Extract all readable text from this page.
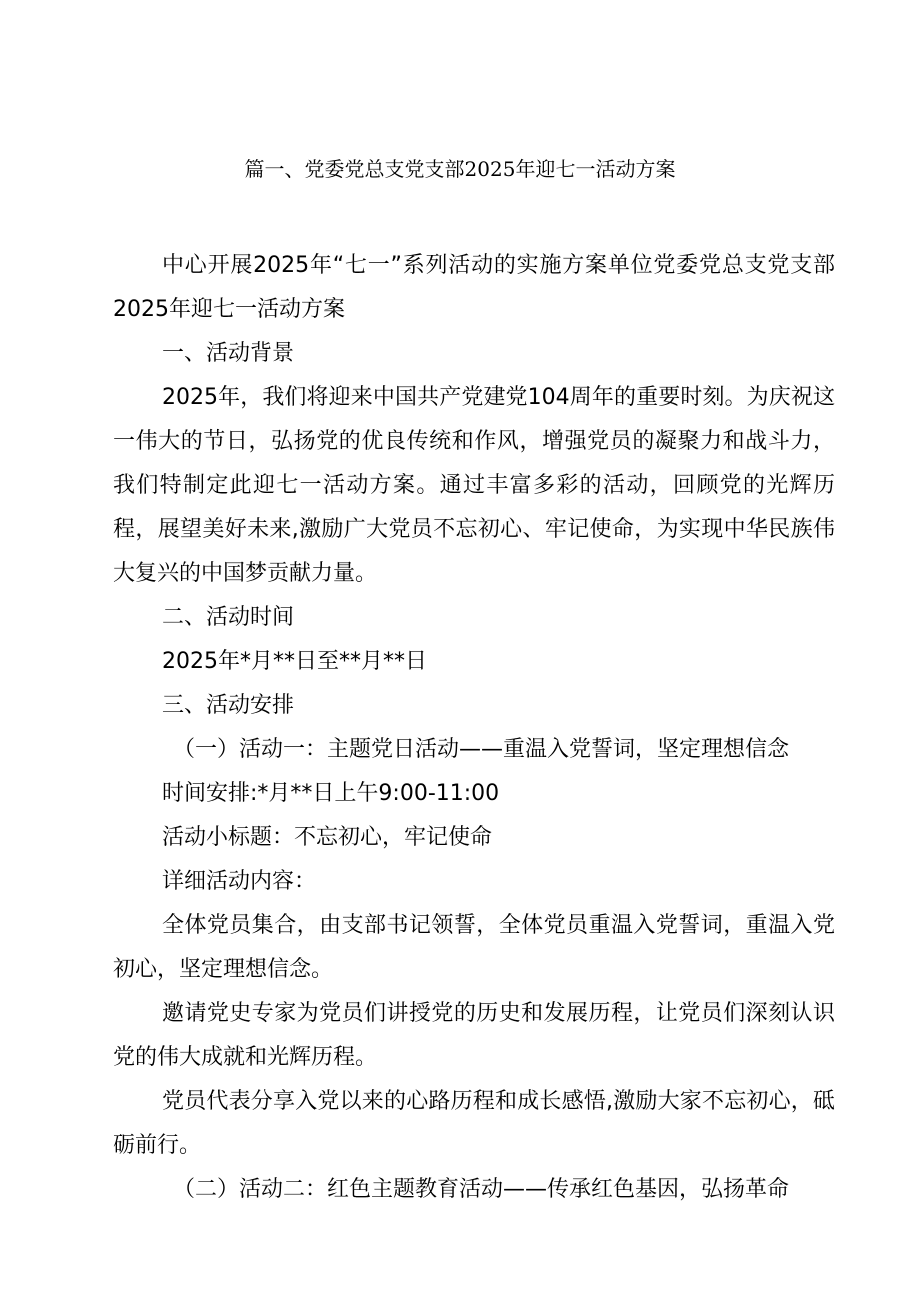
篇一、党委党总支党支部2025年迎七一活动方案

中心开展2025年“七一”系列活动的实施方案单位党委党总支党支部2025年迎七一活动方案

一、活动背景

2025年，我们将迎来中国共产党建党104周年的重要时刻。为庆祝这一伟大的节日，弘扬党的优良传统和作风，增强党员的凝聚力和战斗力，我们特制定此迎七一活动方案。通过丰富多彩的活动，回顾党的光辉历程，展望美好未来,激励广大党员不忘初心、牢记使命，为实现中华民族伟大复兴的中国梦贡献力量。

二、活动时间

2025年*月**日至**月**日

三、活动安排

（一）活动一：主题党日活动——重温入党誓词，坚定理想信念

时间安排:*月**日上午9:00-11:00

活动小标题：不忘初心，牢记使命

详细活动内容：

全体党员集合，由支部书记领誓，全体党员重温入党誓词，重温入党初心，坚定理想信念。

邀请党史专家为党员们讲授党的历史和发展历程，让党员们深刻认识党的伟大成就和光辉历程。

党员代表分享入党以来的心路历程和成长感悟,激励大家不忘初心，砥砺前行。

（二）活动二：红色主题教育活动——传承红色基因，弘扬革命
